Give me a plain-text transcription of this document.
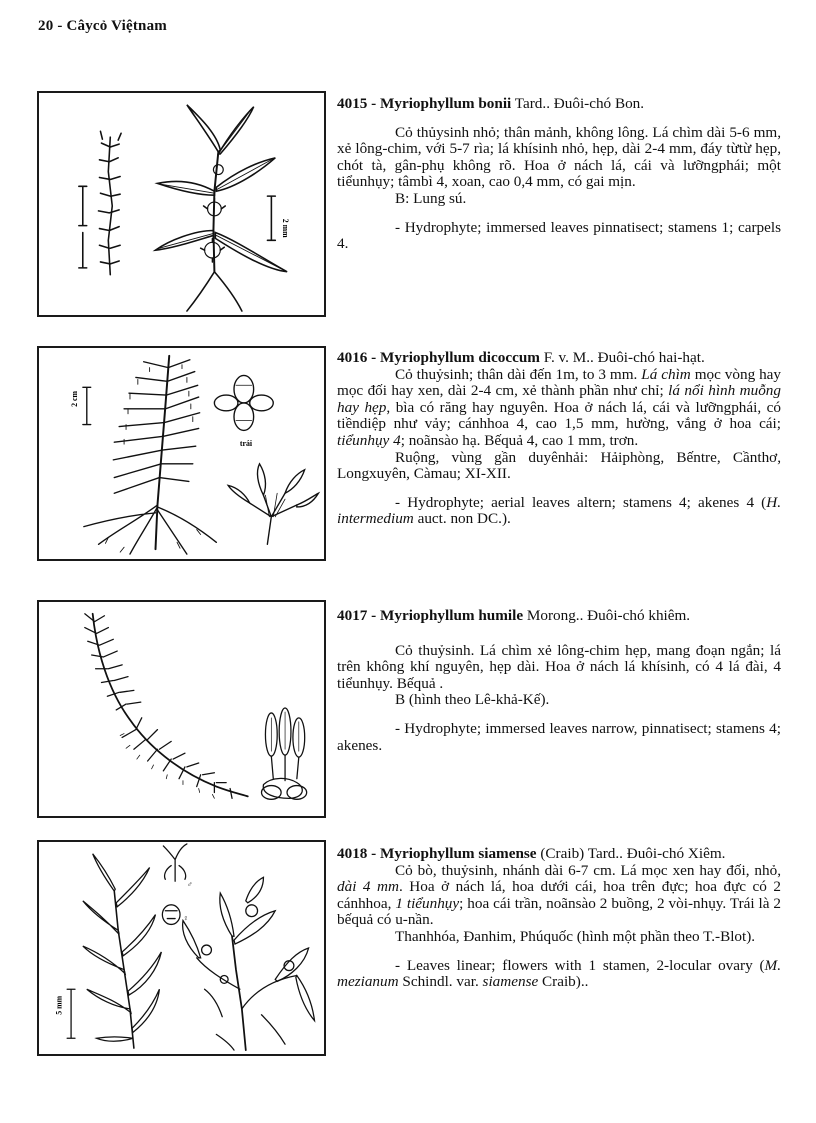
20 - Câycỏ Việtnam
2 mm

4015 - Myriophyllum bonii Tard.. Đuôi-chó Bon.

Cỏ thủysinh nhỏ; thân mảnh, không lông. Lá chìm dài 5-6 mm, xẻ lông-chim, với 5-7 rìa; lá khísinh nhỏ, hẹp, dài 2-4 mm, đáy từtừ hẹp, chót tà, gân-phụ không rõ. Hoa ở nách lá, cái và lưỡngphái; một tiểunhụy; tâmbì 4, xoan, cao 0,4 mm, có gai mịn.

B: Lung sú.

- Hydrophyte; immersed leaves pinnatisect; stamens 1; carpels 4.

2 cm
trái

4016 - Myriophyllum dicoccum F. v. M.. Đuôi-chó hai-hạt.

Cỏ thuỷsinh; thân dài đến 1m, to 3 mm. Lá chìm mọc vòng hay mọc đối hay xen, dài 2-4 cm, xẻ thành phần như chỉ; lá nổi hình muỗng hay hẹp, bìa có răng hay nguyên. Hoa ở nách lá, cái và lưỡngphái, có tiềndiệp như vảy; cánhhoa 4, cao 1,5 mm, hường, vắng ở hoa cái; tiểunhụy 4; noãnsào hạ. Bếquả 4, cao 1 mm, trơn.

Ruộng, vùng gần duyênhải: Hảiphòng, Bếntre, Cầnthơ, Longxuyên, Càmau; XI-XII.

- Hydrophyte; aerial leaves altern; stamens 4; akenes 4 (H. intermedium auct. non DC.).

4017 - Myriophyllum humile Morong.. Đuôi-chó khiêm.

Cỏ thuỷsinh. Lá chìm xẻ lông-chim hẹp, mang đoạn ngắn; lá trên không khí nguyên, hẹp dài. Hoa ở nách lá khísinh, có 4 lá đài, 4 tiểunhụy. Bếquả .

B (hình theo Lê-khả-Kế).

- Hydrophyte; immersed leaves narrow, pinnatisect; stamens 4; akenes.

♂
♀
5 mm

4018 - Myriophyllum siamense (Craib) Tard.. Đuôi-chó Xiêm.

Cỏ bò, thuỷsinh, nhánh dài 6-7 cm. Lá mọc xen hay đối, nhỏ, dài 4 mm. Hoa ở nách lá, hoa dưới cái, hoa trên đực; hoa đực có 2 cánhhoa, 1 tiểunhụy; hoa cái trần, noãnsào 2 buồng, 2 vòi-nhụy. Trái là 2 bếquả có u-nần.

Thanhhóa, Đanhim, Phúquốc (hình một phần theo T.-Blot).

- Leaves linear; flowers with 1 stamen, 2-locular ovary (M. mezianum Schindl. var. siamense Craib)..
